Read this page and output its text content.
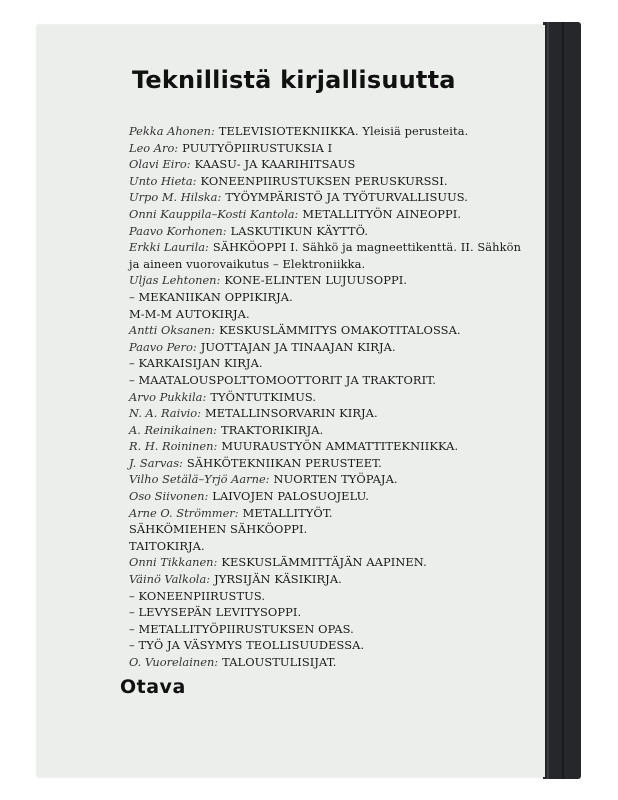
Teknillistä kirjallisuutta
Pekka Ahonen: TELEVISIOTEKNIIKKA. Yleisiä perusteita.
Leo Aro: PUUTYÖPIIRUSTUKSIA I
Olavi Eiro: KAASU- JA KAARIHITSAUS
Unto Hieta: KONEENPIIRUSTUKSEN PERUSKURSSI.
Urpo M. Hilska: TYÖYMPÄRISTÖ JA TYÖTURVALLISUUS.
Onni Kauppila–Kosti Kantola: METALLITYÖN AINEOPPI.
Paavo Korhonen: LASKUTIKUN KÄYTTÖ.
Erkki Laurila: SÄHKÖOPPI I. Sähkö ja magneettikenttä. II. Sähkön
ja aineen vuorovaikutus – Elektroniikka.
Uljas Lehtonen: KONE-ELINTEN LUJUUSOPPI.
– MEKANIIKAN OPPIKIRJA.
M-M-M AUTOKIRJA.
Antti Oksanen: KESKUSLÄMMITYS OMAKOTITALOSSA.
Paavo Pero: JUOTTAJAN JA TINAAJAN KIRJA.
– KARKAISIJAN KIRJA.
– MAATALOUSPOLTTOMOOTTORIT JA TRAKTORIT.
Arvo Pukkila: TYÖNTUTKIMUS.
N. A. Raivio: METALLINSORVARIN KIRJA.
A. Reinikainen: TRAKTORIKIRJA.
R. H. Roininen: MUURAUSTYÖN AMMATTITEKNIIKKA.
J. Sarvas: SÄHKÖTEKNIIKAN PERUSTEET.
Vilho Setälä–Yrjö Aarne: NUORTEN TYÖPAJA.
Oso Siivonen: LAIVOJEN PALOSUOJELU.
Arne O. Strömmer: METALLITYÖT.
SÄHKÖMIEHEN SÄHKÖOPPI.
TAITOKIRJA.
Onni Tikkanen: KESKUSLÄMMITTÄJÄN AAPINEN.
Väinö Valkola: JYRSIJÄN KÄSIKIRJA.
– KONEENPIIRUSTUS.
– LEVYSEPÄN LEVITYSOPPI.
– METALLITYÖPIIRUSTUKSEN OPAS.
– TYÖ JA VÄSYMYS TEOLLISUUDESSA.
O. Vuorelainen: TALOUSTULISIJAT.
Otava
